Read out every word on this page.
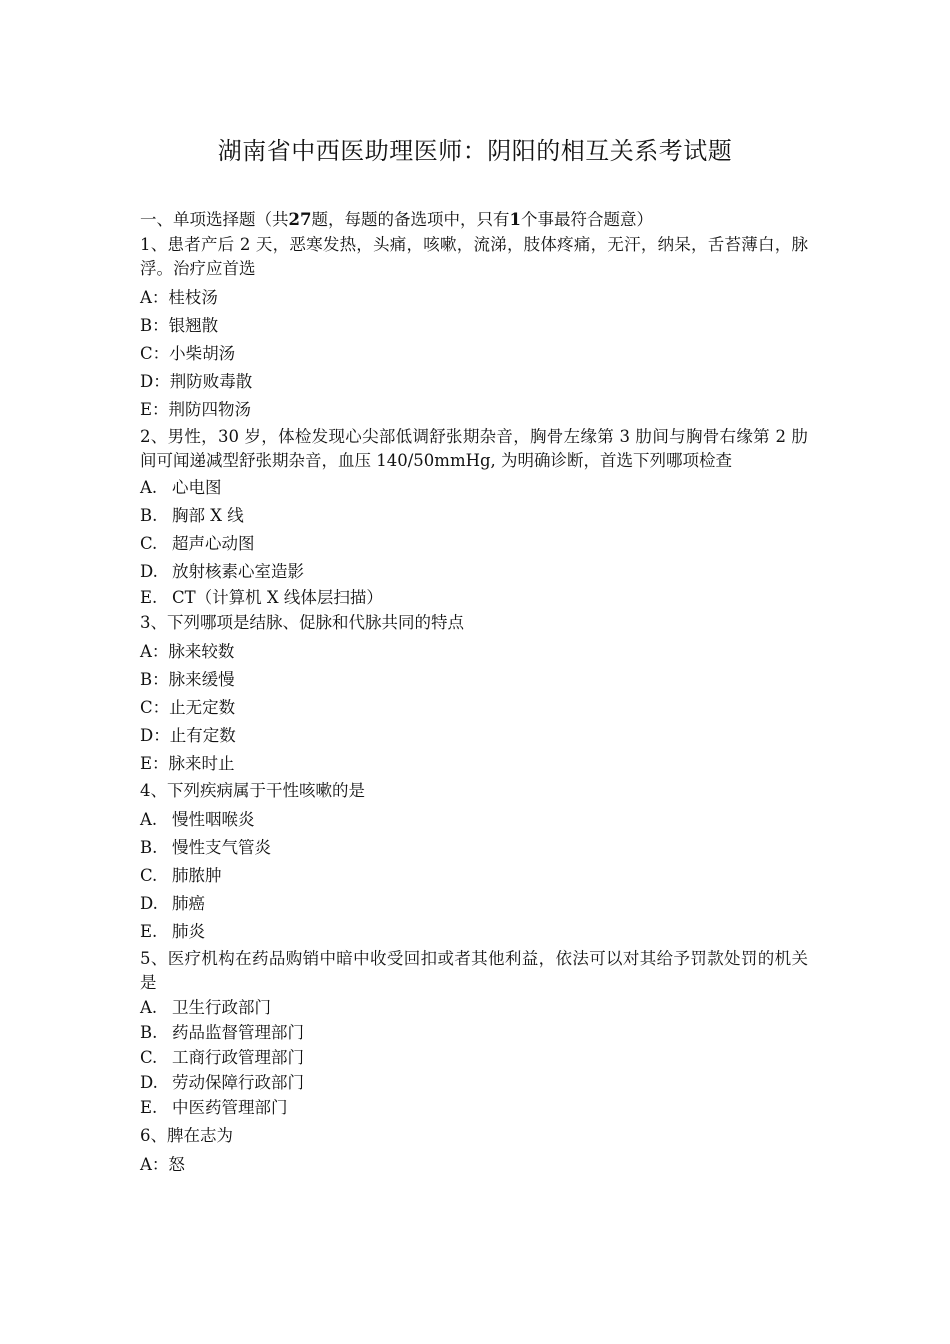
湖南省中西医助理医师：阴阳的相互关系考试题
一、单项选择题（共27题，每题的备选项中，只有1个事最符合题意）
1、患者产后 2 天，恶寒发热，头痛，咳嗽，流涕，肢体疼痛，无汗，纳呆，舌苔薄白，脉浮。治疗应首选
A：桂枝汤
B：银翘散
C：小柴胡汤
D：荆防败毒散
E：荆防四物汤
2、男性，30 岁，体检发现心尖部低调舒张期杂音，胸骨左缘第 3 肋间与胸骨右缘第 2 肋间可闻递减型舒张期杂音，血压 140/50mmHg, 为明确诊断，首选下列哪项检查
A. 心电图
B. 胸部 X 线
C. 超声心动图
D. 放射核素心室造影
E. CT（计算机 X 线体层扫描）
3、下列哪项是结脉、促脉和代脉共同的特点
A：脉来较数
B：脉来缓慢
C：止无定数
D：止有定数
E：脉来时止
4、下列疾病属于干性咳嗽的是
A. 慢性咽喉炎
B. 慢性支气管炎
C. 肺脓肿
D. 肺癌
E. 肺炎
5、医疗机构在药品购销中暗中收受回扣或者其他利益，依法可以对其给予罚款处罚的机关是
A. 卫生行政部门
B. 药品监督管理部门
C. 工商行政管理部门
D. 劳动保障行政部门
E. 中医药管理部门
6、脾在志为
A：怒
